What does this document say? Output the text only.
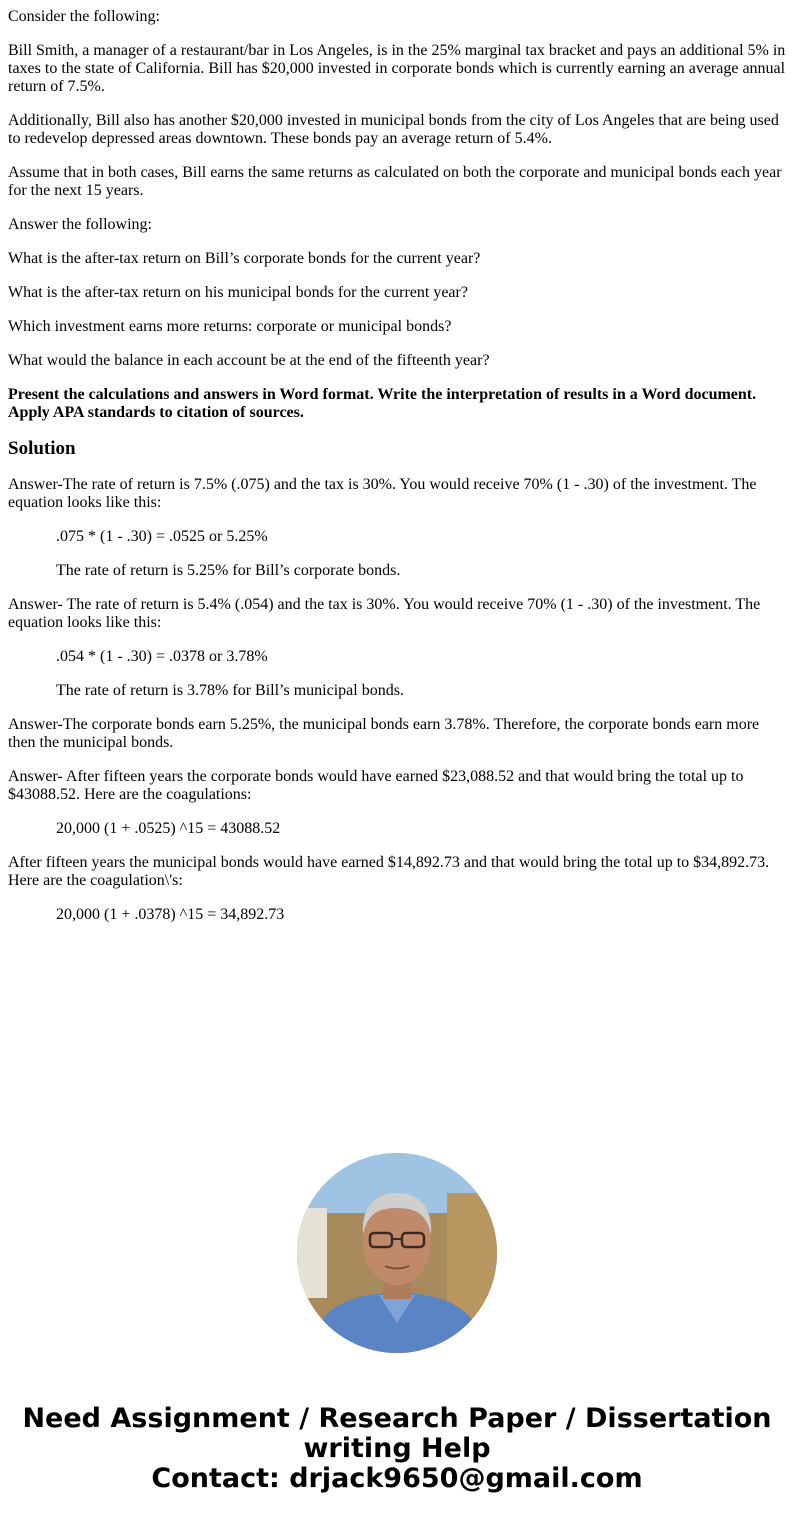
Consider the following:

Bill Smith, a manager of a restaurant/bar in Los Angeles, is in the 25% marginal tax bracket and pays an additional 5% in taxes to the state of California. Bill has $20,000 invested in corporate bonds which is currently earning an average annual return of 7.5%.

Additionally, Bill also has another $20,000 invested in municipal bonds from the city of Los Angeles that are being used to redevelop depressed areas downtown. These bonds pay an average return of 5.4%.

Assume that in both cases, Bill earns the same returns as calculated on both the corporate and municipal bonds each year for the next 15 years.

Answer the following:

What is the after-tax return on Bill’s corporate bonds for the current year?

What is the after-tax return on his municipal bonds for the current year?

Which investment earns more returns: corporate or municipal bonds?

What would the balance in each account be at the end of the fifteenth year?

Present the calculations and answers in Word format. Write the interpretation of results in a Word document. Apply APA standards to citation of sources.

Solution

Answer-The rate of return is 7.5% (.075) and the tax is 30%. You would receive 70% (1 - .30) of the investment. The equation looks like this:

.075 * (1 - .30) = .0525 or 5.25%
The rate of return is 5.25% for Bill’s corporate bonds.

Answer- The rate of return is 5.4% (.054) and the tax is 30%. You would receive 70% (1 - .30) of the investment. The equation looks like this:

.054 * (1 - .30) = .0378 or 3.78%
The rate of return is 3.78% for Bill’s municipal bonds.

Answer-The corporate bonds earn 5.25%, the municipal bonds earn 3.78%. Therefore, the corporate bonds earn more then the municipal bonds.

Answer- After fifteen years the corporate bonds would have earned $23,088.52 and that would bring the total up to $43088.52. Here are the coagulations:

20,000 (1 + .0525) ^15 = 43088.52

After fifteen years the municipal bonds would have earned $14,892.73 and that would bring the total up to $34,892.73. Here are the coagulation\'s:

20,000 (1 + .0378) ^15 = 34,892.73
Need Assignment / Research Paper / Dissertation
writing Help
Contact: drjack9650@gmail.com
